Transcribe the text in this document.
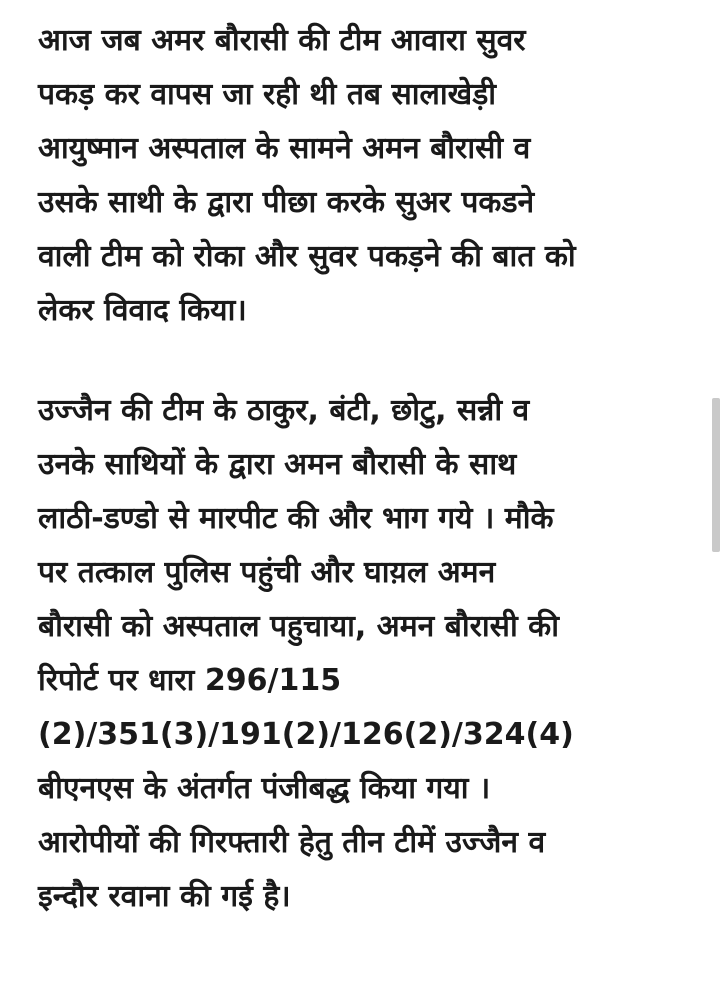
आज जब अमर बौरासी की टीम आवारा सुवर
पकड़ कर वापस जा रही थी तब सालाखेड़ी
आयुष्मान अस्पताल के सामने अमन बौरासी व
उसके साथी के द्वारा पीछा करके सुअर पकडने
वाली टीम को रोका और सुवर पकड़ने की बात को
लेकर विवाद किया।

उज्जैन की टीम के ठाकुर, बंटी, छोटु, सन्नी व
उनके साथियों के द्वारा अमन बौरासी के साथ
लाठी-डण्डो से मारपीट की और भाग गये । मौके
पर तत्काल पुलिस पहुंची और घाय़ल अमन
बौरासी को अस्पताल पहुचाया, अमन बौरासी की
रिपोर्ट पर धारा 296/115
(2)/351(3)/191(2)/126(2)/324(4)
बीएनएस के अंतर्गत पंजीबद्ध किया गया ।
आरोपीयों की गिरफ्तारी हेतु तीन टीमें उज्जैन व
इन्दौर रवाना की गई है।
